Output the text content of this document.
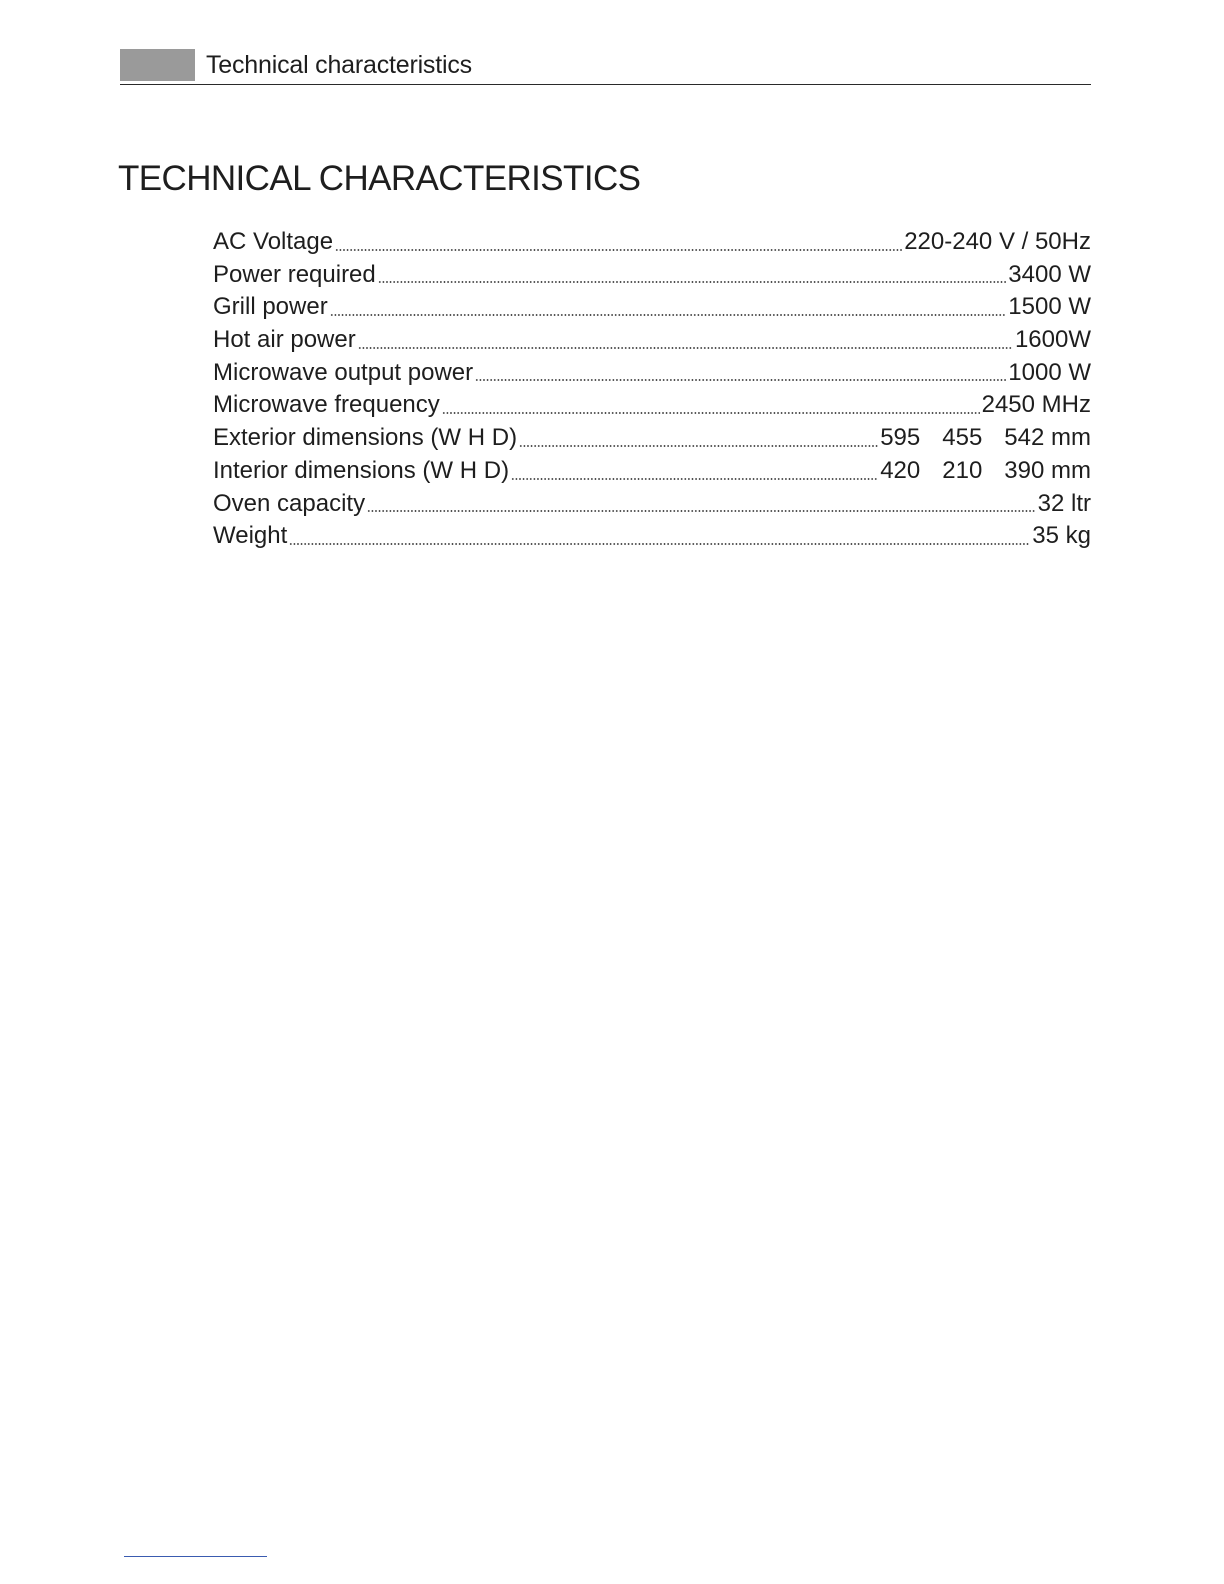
Technical characteristics
TECHNICAL CHARACTERISTICS
AC Voltage	220-240 V / 50Hz
Power required	3400 W
Grill power	1500 W
Hot air power	1600W
Microwave output power	1000 W
Microwave frequency	2450 MHz
Exterior dimensions (W H D)	595 455 542 mm
Interior dimensions (W H D)	420 210 390 mm
Oven capacity	32 ltr
Weight	35 kg
